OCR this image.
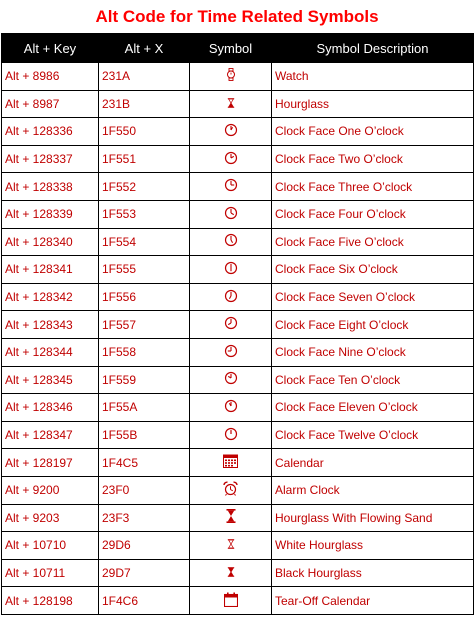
Alt Code for Time Related Symbols
Alt + Key	Alt + X	Symbol	Symbol Description
Alt + 8986	231A		Watch
Alt + 8987	231B		Hourglass
Alt + 128336	1F550		Clock Face One O’clock
Alt + 128337	1F551		Clock Face Two O’clock
Alt + 128338	1F552		Clock Face Three O’clock
Alt + 128339	1F553		Clock Face Four O’clock
Alt + 128340	1F554		Clock Face Five O’clock
Alt + 128341	1F555		Clock Face Six O’clock
Alt + 128342	1F556		Clock Face Seven O’clock
Alt + 128343	1F557		Clock Face Eight O’clock
Alt + 128344	1F558		Clock Face Nine O’clock
Alt + 128345	1F559		Clock Face Ten O’clock
Alt + 128346	1F55A		Clock Face Eleven O’clock
Alt + 128347	1F55B		Clock Face Twelve O’clock
Alt + 128197	1F4C5		Calendar
Alt + 9200	23F0		Alarm Clock
Alt + 9203	23F3		Hourglass With Flowing Sand
Alt + 10710	29D6		White Hourglass
Alt + 10711	29D7		Black Hourglass
Alt + 128198	1F4C6		Tear-Off Calendar
